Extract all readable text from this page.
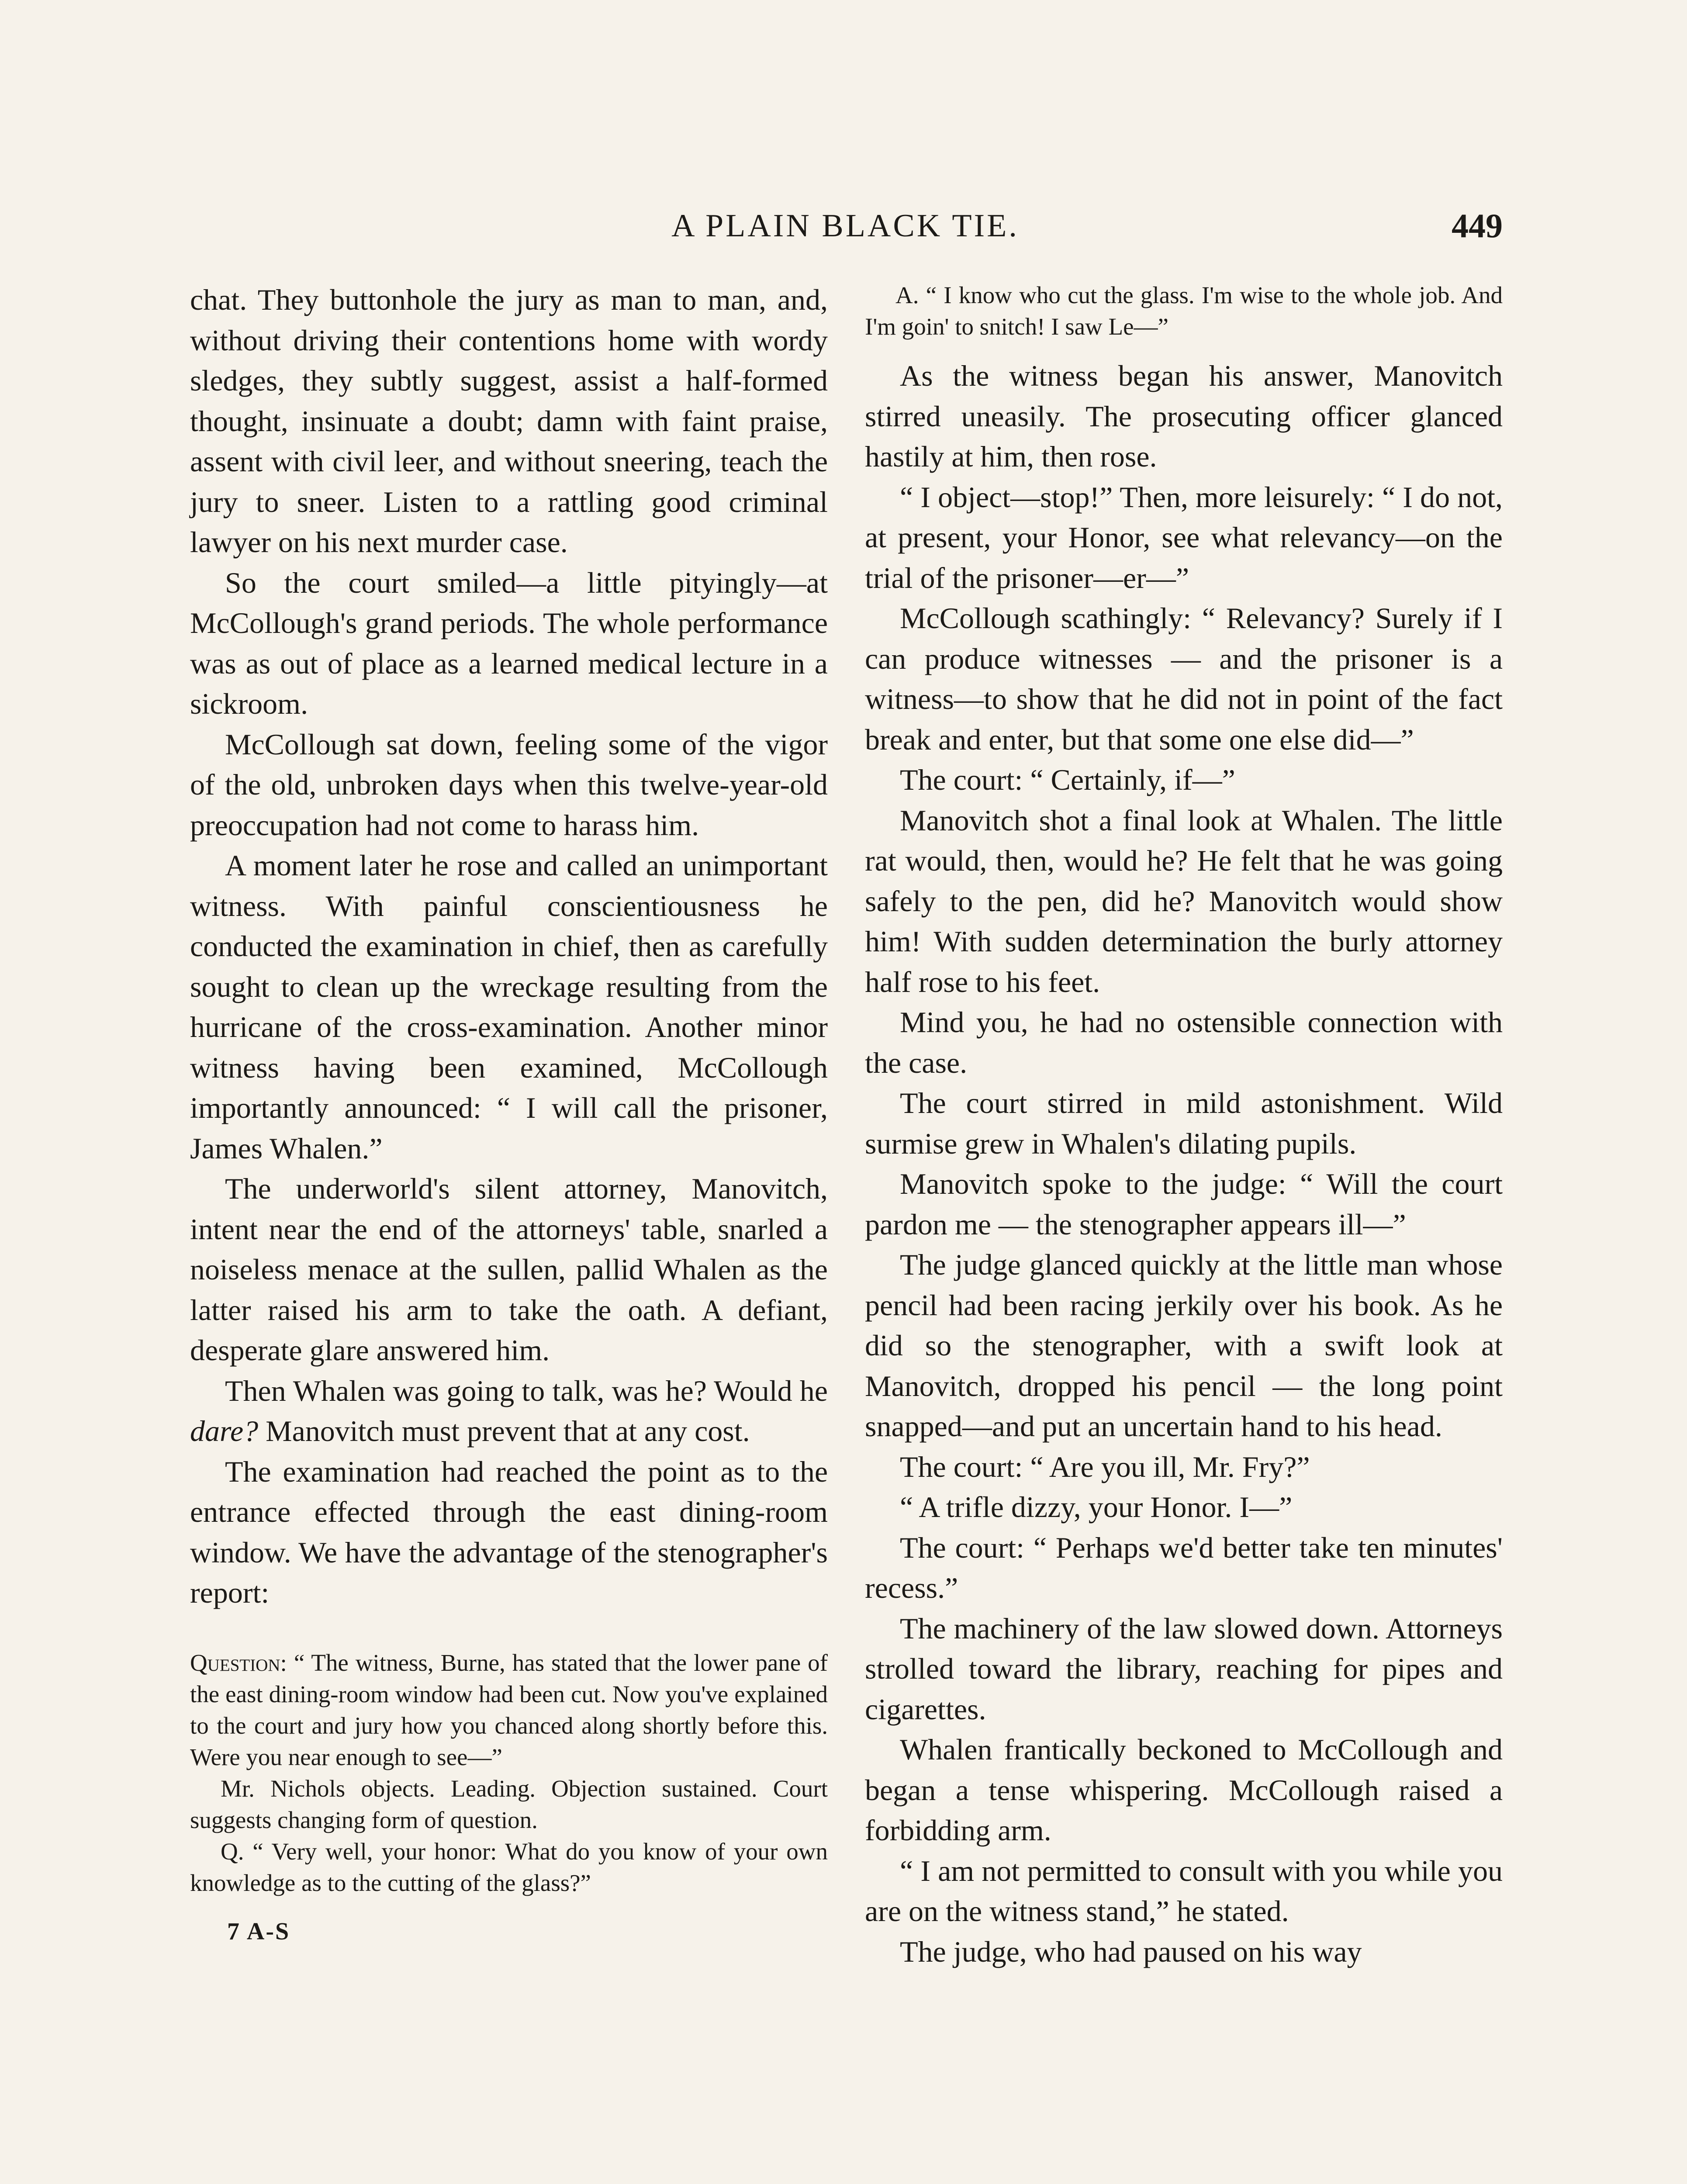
A PLAIN BLACK TIE.	449

chat. They buttonhole the jury as man to man, and, without driving their contentions home with wordy sledges, they subtly suggest, assist a half-formed thought, insinuate a doubt; damn with faint praise, assent with civil leer, and without sneering, teach the jury to sneer. Listen to a rattling good criminal lawyer on his next murder case.

So the court smiled—a little pityingly—at McCollough's grand periods. The whole performance was as out of place as a learned medical lecture in a sickroom.

McCollough sat down, feeling some of the vigor of the old, unbroken days when this twelve-year-old preoccupation had not come to harass him.

A moment later he rose and called an unimportant witness. With painful conscientiousness he conducted the examination in chief, then as carefully sought to clean up the wreckage resulting from the hurricane of the cross-examination. Another minor witness having been examined, McCollough importantly announced: “ I will call the prisoner, James Whalen.”

The underworld's silent attorney, Manovitch, intent near the end of the attorneys' table, snarled a noiseless menace at the sullen, pallid Whalen as the latter raised his arm to take the oath. A defiant, desperate glare answered him.

Then Whalen was going to talk, was he? Would he dare? Manovitch must prevent that at any cost.

The examination had reached the point as to the entrance effected through the east dining-room window. We have the advantage of the stenographer's report:

Question: “ The witness, Burne, has stated that the lower pane of the east dining-room window had been cut. Now you've explained to the court and jury how you chanced along shortly before this. Were you near enough to see—”

Mr. Nichols objects. Leading. Objection sustained. Court suggests changing form of question.

Q. “ Very well, your honor: What do you know of your own knowledge as to the cutting of the glass?”

7 A-S

A. “ I know who cut the glass. I'm wise to the whole job. And I'm goin' to snitch! I saw Le—”

As the witness began his answer, Manovitch stirred uneasily. The prosecuting officer glanced hastily at him, then rose.

“ I object—stop!” Then, more leisurely: “ I do not, at present, your Honor, see what relevancy—on the trial of the prisoner—er—”

McCollough scathingly: “ Relevancy? Surely if I can produce witnesses — and the prisoner is a witness—to show that he did not in point of the fact break and enter, but that some one else did—”

The court: “ Certainly, if—”

Manovitch shot a final look at Whalen. The little rat would, then, would he? He felt that he was going safely to the pen, did he? Manovitch would show him! With sudden determination the burly attorney half rose to his feet.

Mind you, he had no ostensible connection with the case.

The court stirred in mild astonishment. Wild surmise grew in Whalen's dilating pupils.

Manovitch spoke to the judge: “ Will the court pardon me — the stenographer appears ill—”

The judge glanced quickly at the little man whose pencil had been racing jerkily over his book. As he did so the stenographer, with a swift look at Manovitch, dropped his pencil — the long point snapped—and put an uncertain hand to his head.

The court: “ Are you ill, Mr. Fry?”

“ A trifle dizzy, your Honor. I—”

The court: “ Perhaps we'd better take ten minutes' recess.”

The machinery of the law slowed down. Attorneys strolled toward the library, reaching for pipes and cigarettes.

Whalen frantically beckoned to McCollough and began a tense whispering. McCollough raised a forbidding arm.

“ I am not permitted to consult with you while you are on the witness stand,” he stated.

The judge, who had paused on his way
